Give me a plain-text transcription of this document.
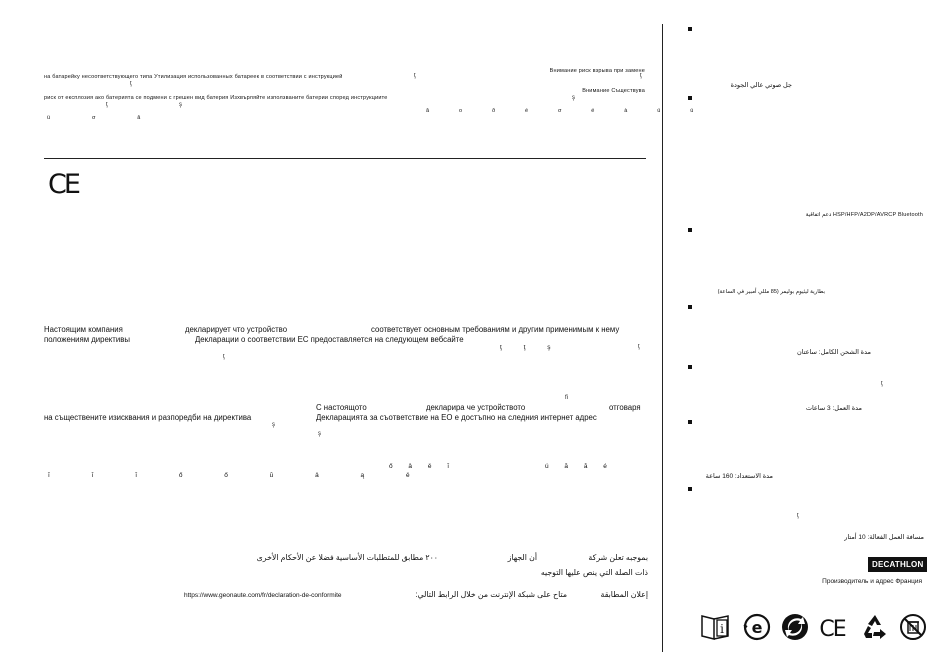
Внимание риск взрыва при замене
на батарейку несоответствующего типа Утилизация использованных батареек в соответствии с инструкцией	ţ	ţ
ţ
Внимание Съществува
риск от експлозия ако батерията се подмени с грешен вид батерия Изхвърляйте използваните батерии според инструкциите	ş
ţ	ş
ă o ð é σ é à ü ú
ü σ â
CE
Настоящим компания	декларирует что устройство	соответствует основным требованиям и другим применимым к нему
положениям директивы	Декларации о соответствии ЕС предоставляется на следующем вебсайте
ţ ţ ş	ţ
ţ
ﬁ
С настоящото	декларира че устройството	отговаря
на съществените изисквания и разпоредби на директива	Декларацията за съответствие на ЕО е достъпно на следния интернет адрес
ş
ş
ő â ě ĭ	ú ă ă é
ĭ ĭ ĭ ő ő ŭ ǎ ą ě
بموجبه تعلن شركة
أن الجهاز
٢٠٠ مطابق للمتطلبات الأساسية فضلا عن الأحكام الأخرى
ذات الصلة التي ينص عليها التوجيه
إعلان المطابقة
متاح على شبكة الإنترنت من خلال الرابط التالي:
https://www.geonaute.com/fr/declaration-de-conformite
جل صوتي عالي الجودة
دعم اتفاقية HSP/HFP/A2DP/AVRCP Bluetooth
بطارية ليثيوم بوليمر (85 مللي أمبير في الساعة)
مدة الشحن الكامل: ساعتان
ţ
مدة العمل: 3 ساعات
مدة الاستعداد: 160 ساعة
ţ
مسافة العمل الفعالة: 10 أمتار
DECATHLON
Производитель и адрес Франция
i e	CE
